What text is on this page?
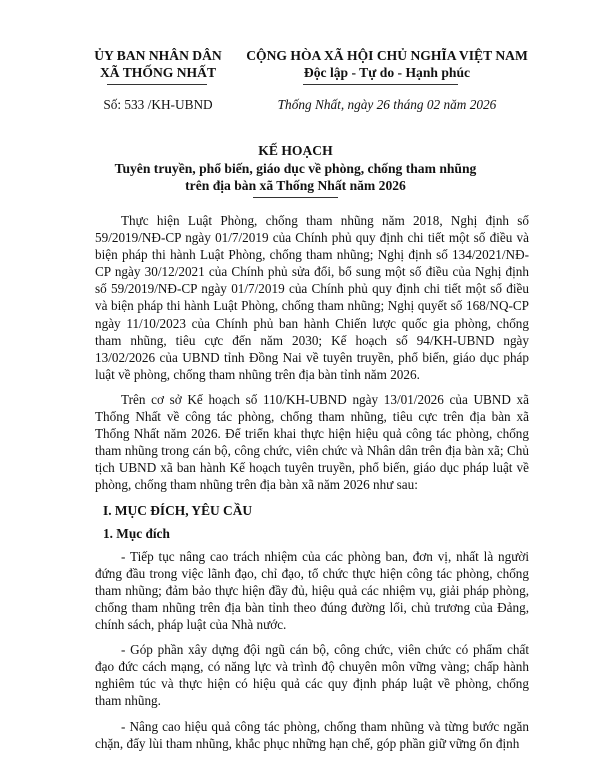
ỦY BAN NHÂN DÂN
XÃ THỐNG NHẤT
CỘNG HÒA XÃ HỘI CHỦ NGHĨA VIỆT NAM
Độc lập - Tự do - Hạnh phúc
Số: 533 /KH-UBND	Thống Nhất, ngày 26 tháng 02 năm 2026
KẾ HOẠCH
Tuyên truyền, phổ biến, giáo dục về phòng, chống tham nhũng
trên địa bàn xã Thống Nhất năm 2026

Thực hiện Luật Phòng, chống tham nhũng năm 2018, Nghị định số 59/2019/NĐ-CP ngày 01/7/2019 của Chính phủ quy định chi tiết một số điều và biện pháp thi hành Luật Phòng, chống tham nhũng; Nghị định số 134/2021/NĐ-CP ngày 30/12/2021 của Chính phủ sửa đổi, bổ sung một số điều của Nghị định số 59/2019/NĐ-CP ngày 01/7/2019 của Chính phủ quy định chi tiết một số điều và biện pháp thi hành Luật Phòng, chống tham nhũng; Nghị quyết số 168/NQ-CP ngày 11/10/2023 của Chính phủ ban hành Chiến lược quốc gia phòng, chống tham nhũng, tiêu cực đến năm 2030; Kế hoạch số 94/KH-UBND ngày 13/02/2026 của UBND tỉnh Đồng Nai về tuyên truyền, phổ biến, giáo dục pháp luật về phòng, chống tham nhũng trên địa bàn tỉnh năm 2026.

Trên cơ sở Kế hoạch số 110/KH-UBND ngày 13/01/2026 của UBND xã Thống Nhất về công tác phòng, chống tham nhũng, tiêu cực trên địa bàn xã Thống Nhất năm 2026. Để triển khai thực hiện hiệu quả công tác phòng, chống tham nhũng trong cán bộ, công chức, viên chức và Nhân dân trên địa bàn xã; Chủ tịch UBND xã ban hành Kế hoạch tuyên truyền, phổ biến, giáo dục pháp luật về phòng, chống tham nhũng trên địa bàn xã năm 2026 như sau:

I. MỤC ĐÍCH, YÊU CẦU
1. Mục đích

- Tiếp tục nâng cao trách nhiệm của các phòng ban, đơn vị, nhất là người đứng đầu trong việc lãnh đạo, chỉ đạo, tổ chức thực hiện công tác phòng, chống tham nhũng; đảm bảo thực hiện đầy đủ, hiệu quả các nhiệm vụ, giải pháp phòng, chống tham nhũng trên địa bàn tỉnh theo đúng đường lối, chủ trương của Đảng, chính sách, pháp luật của Nhà nước.

- Góp phần xây dựng đội ngũ cán bộ, công chức, viên chức có phẩm chất đạo đức cách mạng, có năng lực và trình độ chuyên môn vững vàng; chấp hành nghiêm túc và thực hiện có hiệu quả các quy định pháp luật về phòng, chống tham nhũng.

- Nâng cao hiệu quả công tác phòng, chống tham nhũng và từng bước ngăn chặn, đẩy lùi tham nhũng, khắc phục những hạn chế, góp phần giữ vững ổn định
